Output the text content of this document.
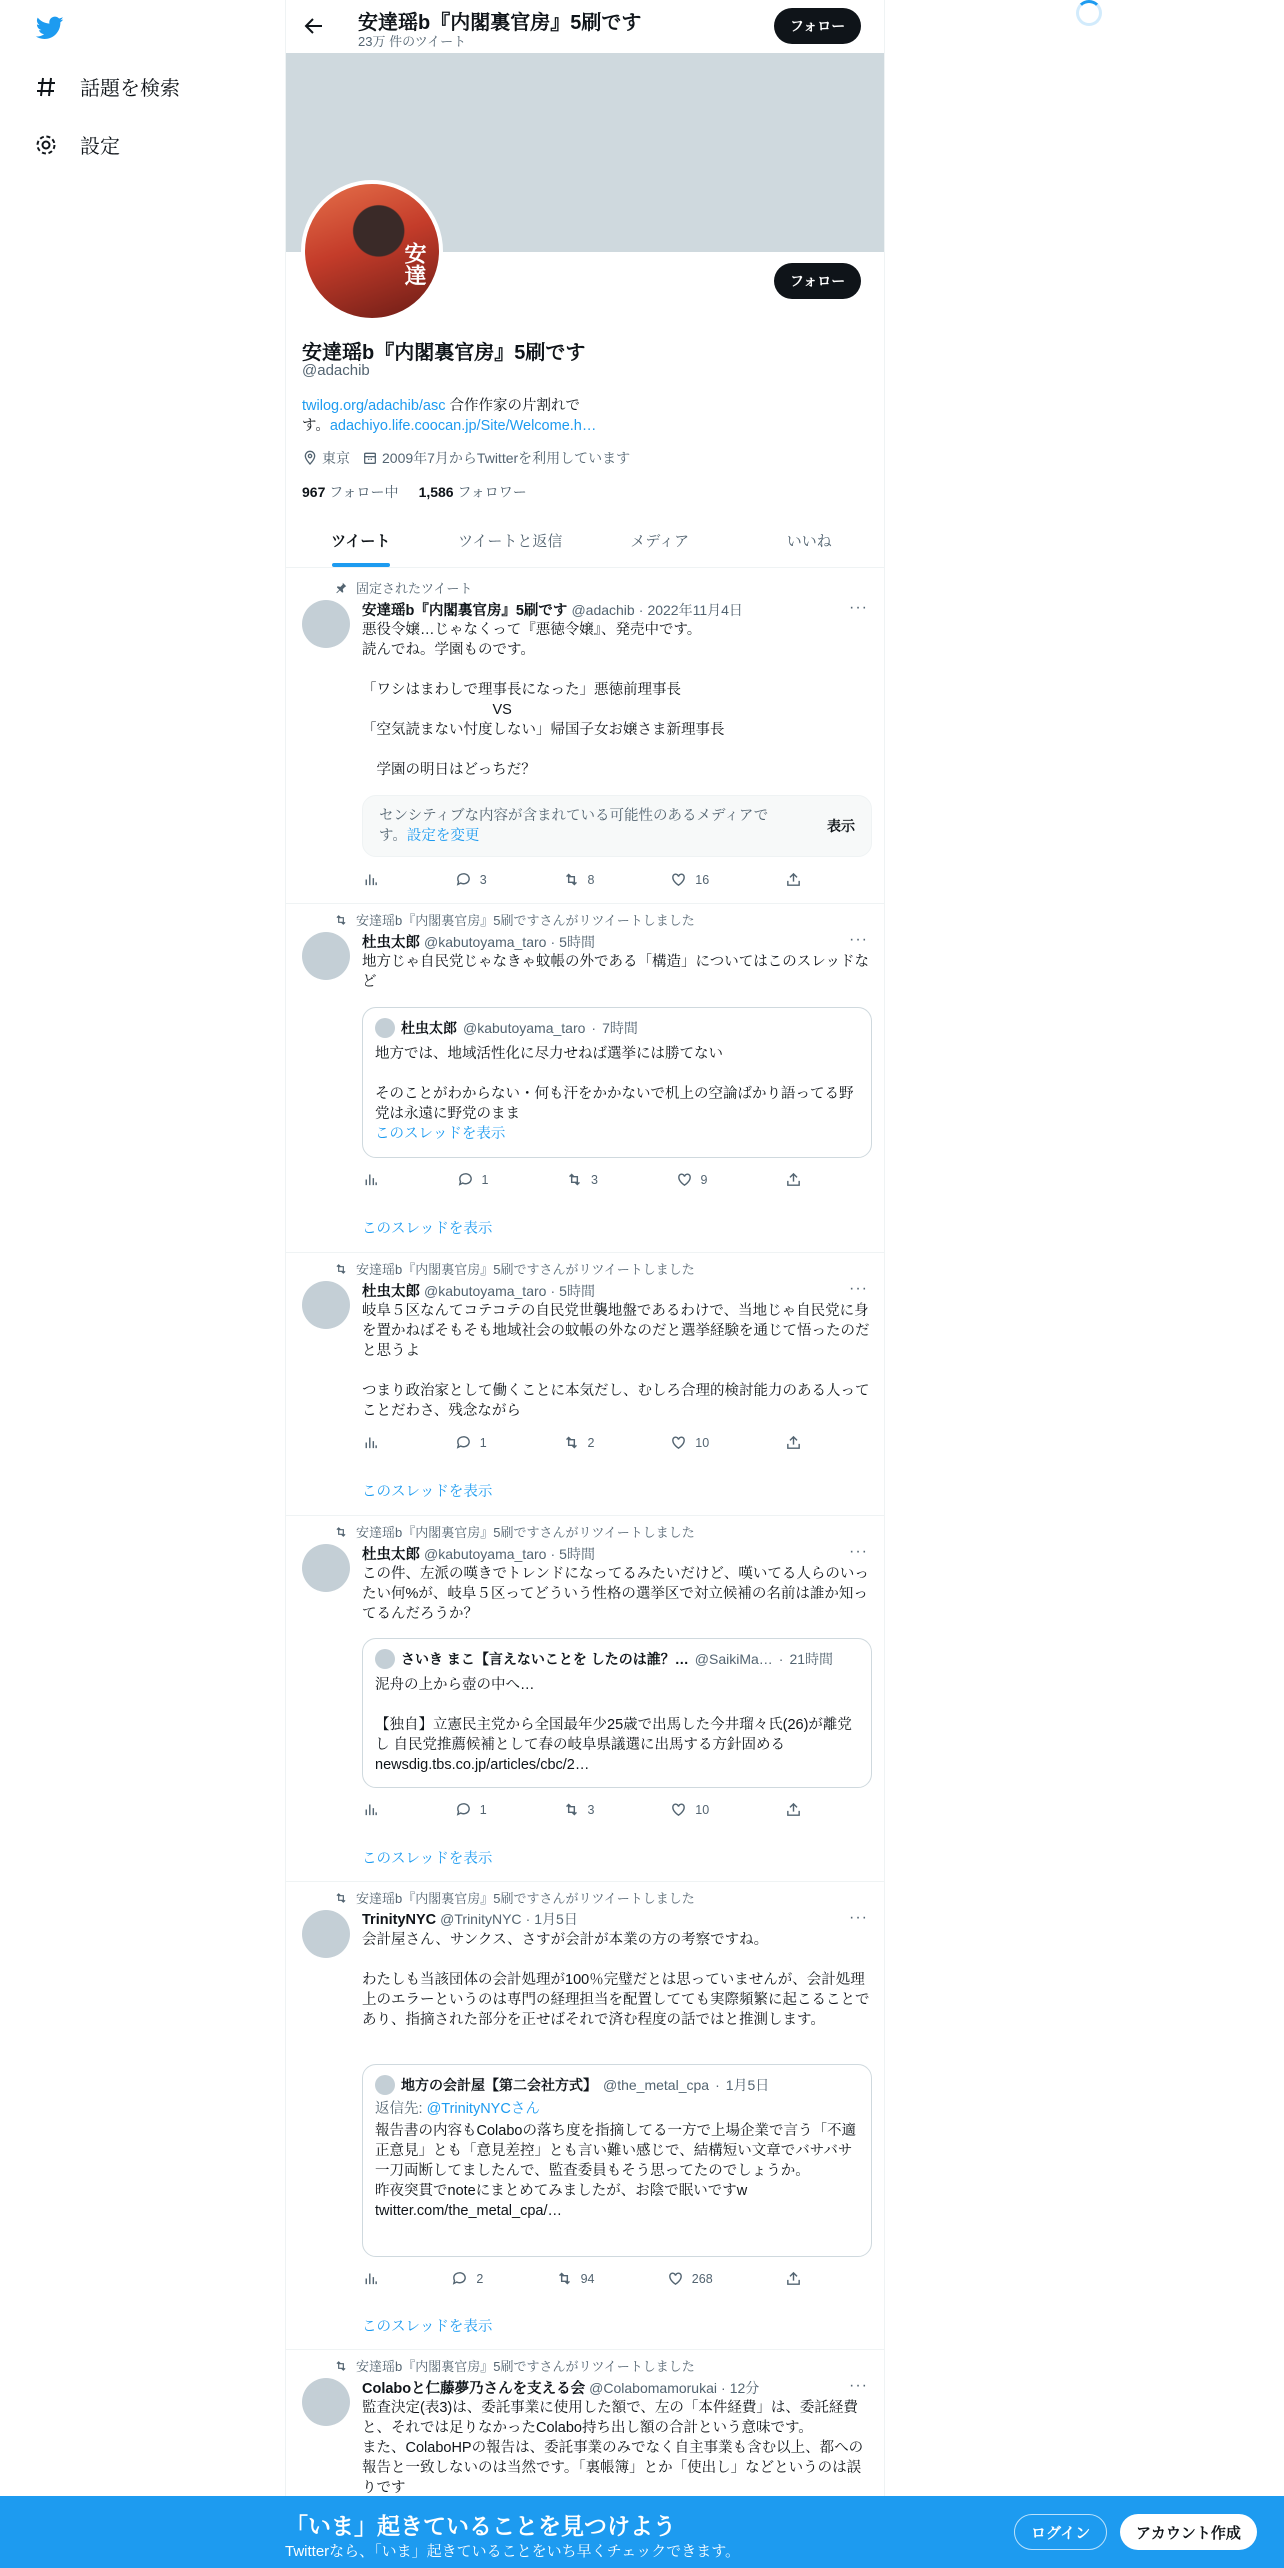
話題を検索
設定
安達瑶b『内閣裏官房』5刷です
23万 件のツイート
フォロー
安達	フォロー
安達瑶b『内閣裏官房』5刷です
@adachib
twilog.org/adachib/asc 合作作家の片割れで
す。adachiyo.life.coocan.jp/Site/Welcome.h…
東京 2009年7月からTwitterを利用しています
967 フォロー中 1,586 フォロワー
ツイート	ツイートと返信	メディア	いいね
固定されたツイート
安達瑶b『内閣裏官房』5刷です @adachib · 2022年11月4日	···
悪役令嬢…じゃなくって『悪徳令嬢』、発売中です。
読んでね。学園ものです。

「ワシはまわしで理事長になった」悪徳前理事長
　　　　　　　　　VS
「空気読まない忖度しない」帰国子女お嬢さま新理事長

　学園の明日はどっちだ？
センシティブな内容が含まれている可能性のあるメディアです。設定を変更
表示
3	8	16
安達瑶b『内閣裏官房』5刷ですさんがリツイートしました
杜虫太郎 @kabutoyama_taro · 5時間	···
地方じゃ自民党じゃなきゃ蚊帳の外である「構造」についてはこのスレッドなど
杜虫太郎 @kabutoyama_taro · 7時間
地方では、地域活性化に尽力せねば選挙には勝てない

そのことがわからない・何も汗をかかないで机上の空論ばかり語ってる野党は永遠に野党のまま
このスレッドを表示
1	3	9
このスレッドを表示
安達瑶b『内閣裏官房』5刷ですさんがリツイートしました
杜虫太郎 @kabutoyama_taro · 5時間	···
岐阜５区なんてコテコテの自民党世襲地盤であるわけで、当地じゃ自民党に身を置かねばそもそも地域社会の蚊帳の外なのだと選挙経験を通じて悟ったのだと思うよ

つまり政治家として働くことに本気だし、むしろ合理的検討能力のある人ってことだわさ、残念ながら
1	2	10
このスレッドを表示
安達瑶b『内閣裏官房』5刷ですさんがリツイートしました
杜虫太郎 @kabutoyama_taro · 5時間	···
この件、左派の嘆きでトレンドになってるみたいだけど、嘆いてる人らのいったい何%が、岐阜５区ってどういう性格の選挙区で対立候補の名前は誰か知ってるんだろうか？
さいき まこ【言えないことを したのは誰？… @SaikiMa… · 21時間
泥舟の上から壺の中へ…

【独自】立憲民主党から全国最年少25歳で出馬した今井瑠々氏(26)が離党し 自民党推薦候補として春の岐阜県議選に出馬する方針固める
newsdig.tbs.co.jp/articles/cbc/2…
1	3	10
このスレッドを表示
安達瑶b『内閣裏官房』5刷ですさんがリツイートしました
TrinityNYC @TrinityNYC · 1月5日	···
会計屋さん、サンクス、さすが会計が本業の方の考察ですね。

わたしも当該団体の会計処理が100％完璧だとは思っていませんが、会計処理上のエラーというのは専門の経理担当を配置してても実際頻繁に起こることであり、指摘された部分を正せばそれで済む程度の話ではと推測します。
地方の会計屋【第二会社方式】 @the_metal_cpa · 1月5日
返信先: @TrinityNYCさん
報告書の内容もColaboの落ち度を指摘してる一方で上場企業で言う「不適正意見」とも「意見差控」とも言い難い感じで、結構短い文章でバサバサ一刀両断してましたんで、監査委員もそう思ってたのでしょうか。
昨夜突貫でnoteにまとめてみましたが、お陰で眠いですw
twitter.com/the_metal_cpa/…
2	94	268
このスレッドを表示
安達瑶b『内閣裏官房』5刷ですさんがリツイートしました
Colaboと仁藤夢乃さんを支える会 @Colabomamorukai · 12分	···
監査決定(表3)は、委託事業に使用した額で、左の「本件経費」は、委託経費と、それでは足りなかったColabo持ち出し額の合計という意味です。
また、ColaboHPの報告は、委託事業のみでなく自主事業も含む以上、都への報告と一致しないのは当然です。「裏帳簿」とか「使出し」などというのは誤りです
「いま」起きていることを見つけよう
Twitterなら、「いま」起きていることをいち早くチェックできます。
ログイン	アカウント作成
